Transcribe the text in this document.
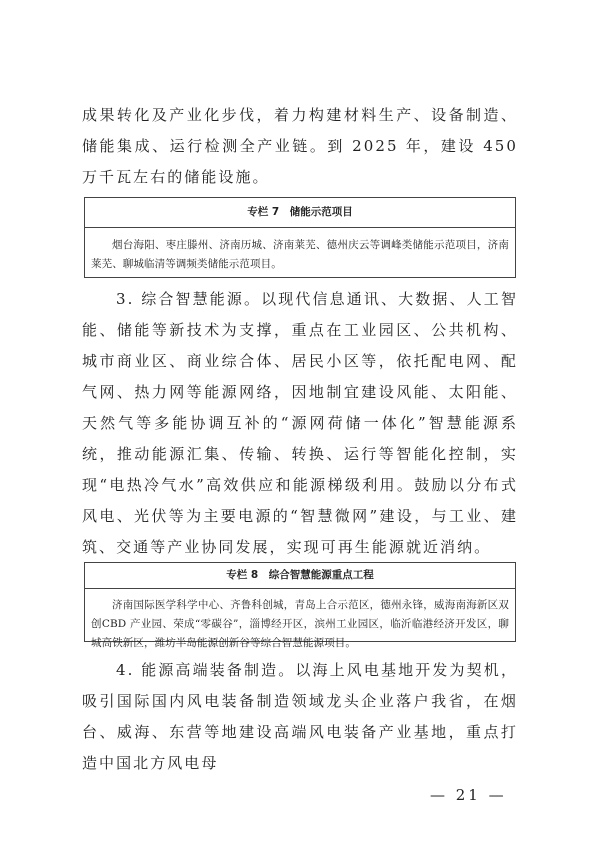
成果转化及产业化步伐，着力构建材料生产、设备制造、储能集成、运行检测全产业链。到 2025 年，建设 450 万千瓦左右的储能设施。

专栏 7　储能示范项目
烟台海阳、枣庄滕州、济南历城、济南莱芜、德州庆云等调峰类储能示范项目，济南莱芜、聊城临清等调频类储能示范项目。

3. 综合智慧能源。以现代信息通讯、大数据、人工智能、储能等新技术为支撑，重点在工业园区、公共机构、城市商业区、商业综合体、居民小区等，依托配电网、配气网、热力网等能源网络，因地制宜建设风能、太阳能、天然气等多能协调互补的“源网荷储一体化”智慧能源系统，推动能源汇集、传输、转换、运行等智能化控制，实现“电热冷气水”高效供应和能源梯级利用。鼓励以分布式风电、光伏等为主要电源的“智慧微网”建设，与工业、建筑、交通等产业协同发展，实现可再生能源就近消纳。

专栏 8　综合智慧能源重点工程
济南国际医学科学中心、齐鲁科创城，青岛上合示范区，德州永锋，威海南海新区双创CBD 产业园、荣成“零碳谷”，淄博经开区，滨州工业园区，临沂临港经济开发区，聊城高铁新区，潍坊半岛能源创新谷等综合智慧能源项目。

4. 能源高端装备制造。以海上风电基地开发为契机，吸引国际国内风电装备制造领域龙头企业落户我省，在烟台、威海、东营等地建设高端风电装备产业基地，重点打造中国北方风电母

— 21 —
